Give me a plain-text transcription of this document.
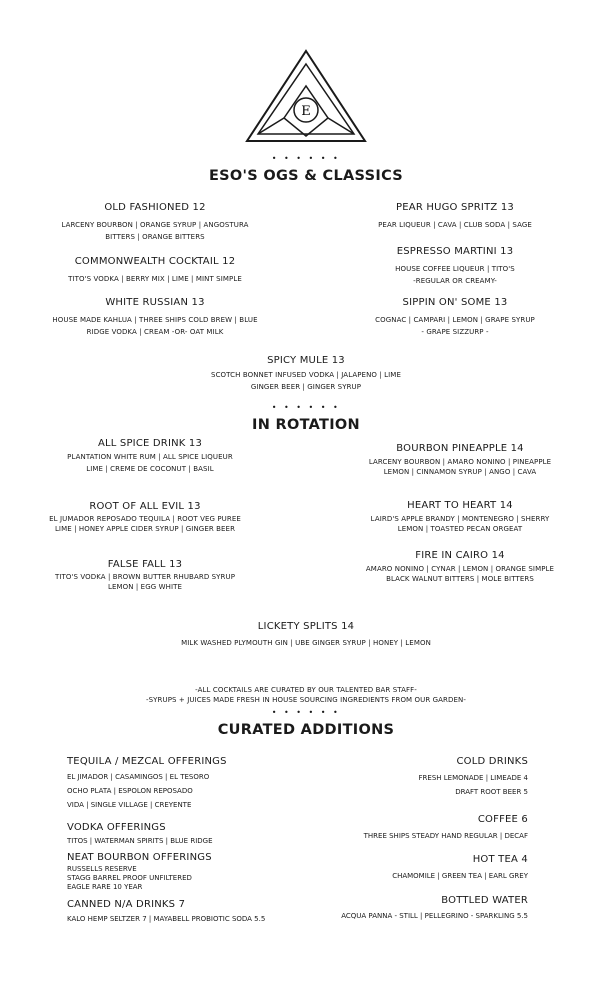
E
• • • • • •
ESO'S OGS & CLASSICS
OLD FASHIONED 12
LARCENY BOURBON | ORANGE SYRUP | ANGOSTURA
BITTERS | ORANGE BITTERS
COMMONWEALTH COCKTAIL 12
TITO'S VODKA | BERRY MIX | LIME | MINT SIMPLE
WHITE RUSSIAN 13
HOUSE MADE KAHLUA | THREE SHIPS COLD BREW | BLUE
RIDGE VODKA | CREAM -OR- OAT MILK
PEAR HUGO SPRITZ 13
PEAR LIQUEUR | CAVA | CLUB SODA | SAGE
ESPRESSO MARTINI 13
HOUSE COFFEE LIQUEUR | TITO'S
-REGULAR OR CREAMY-
SIPPIN ON' SOME 13
COGNAC | CAMPARI | LEMON | GRAPE SYRUP
- GRAPE SIZZURP -
SPICY MULE 13
SCOTCH BONNET INFUSED VODKA | JALAPENO | LIME
GINGER BEER | GINGER SYRUP
• • • • • •
IN ROTATION
ALL SPICE DRINK 13
PLANTATION WHITE RUM | ALL SPICE LIQUEUR
LIME | CREME DE COCONUT | BASIL
ROOT OF ALL EVIL 13
EL JUMADOR REPOSADO TEQUILA | ROOT VEG PUREE
LIME | HONEY APPLE CIDER SYRUP | GINGER BEER
FALSE FALL 13
TITO'S VODKA | BROWN BUTTER RHUBARD SYRUP
LEMON | EGG WHITE
BOURBON PINEAPPLE 14
LARCENY BOURBON | AMARO NONINO | PINEAPPLE
LEMON | CINNAMON SYRUP | ANGO | CAVA
HEART TO HEART 14
LAIRD'S APPLE BRANDY | MONTENEGRO | SHERRY
LEMON | TOASTED PECAN ORGEAT
FIRE IN CAIRO 14
AMARO NONINO | CYNAR | LEMON | ORANGE SIMPLE
BLACK WALNUT BITTERS | MOLE BITTERS
LICKETY SPLITS 14
MILK WASHED PLYMOUTH GIN | UBE GINGER SYRUP | HONEY | LEMON
-ALL COCKTAILS ARE CURATED BY OUR TALENTED BAR STAFF-
-SYRUPS + JUICES MADE FRESH IN HOUSE SOURCING INGREDIENTS FROM OUR GARDEN-
• • • • • •
CURATED ADDITIONS
TEQUILA / MEZCAL OFFERINGS
EL JIMADOR | CASAMINGOS | EL TESORO
OCHO PLATA | ESPOLON REPOSADO
VIDA | SINGLE VILLAGE | CREYENTE
VODKA OFFERINGS
TITOS | WATERMAN SPIRITS | BLUE RIDGE
NEAT BOURBON OFFERINGS
RUSSELLS RESERVE
STAGG BARREL PROOF UNFILTERED
EAGLE RARE 10 YEAR
CANNED N/A DRINKS 7
KALO HEMP SELTZER 7 | MAYABELL PROBIOTIC SODA 5.5
COLD DRINKS
FRESH LEMONADE | LIMEADE 4
DRAFT ROOT BEER 5
COFFEE 6
THREE SHIPS STEADY HAND REGULAR | DECAF
HOT TEA 4
CHAMOMILE | GREEN TEA | EARL GREY
BOTTLED WATER
ACQUA PANNA - STILL | PELLEGRINO - SPARKLING 5.5
